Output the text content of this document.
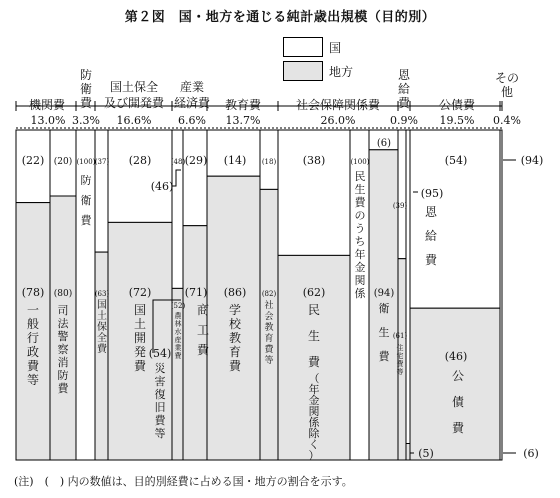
第２図　国・地方を通じる純計歳出規模（目的別）
国
地方
機関費
防
衛
費
国土保全
及び開発費
産業
経済費 教育費	社会保障関係費
恩
給
費 公債費
その
他
13.0% 3.3% 16.6% 6.6% 13.7%	26.0%	0.9% 19.5% 0.4%
(22) (20) (100) (37) (28)	(48) (29) (14) (18) (38)	(100)
(6)
(39)
(54)
(78) (80)	(63) (72)
(52)
(71) (86) (82) (62)	(94)
(61)
(46)
一般行政費等
司法警察消防費
防衛費
国土保全費
国土開発費
農林水産業費
商工費
学校教育費
社会教育費等
民生費
（年金関係除く）
民生費のうち年金関係
衛生費
住宅費等
恩給費
公債費
(46)
(54)
災害復旧費等
(95)
(5)
(94)
(6)
(注)　(　) 内の数値は、目的別経費に占める国・地方の割合を示す。
